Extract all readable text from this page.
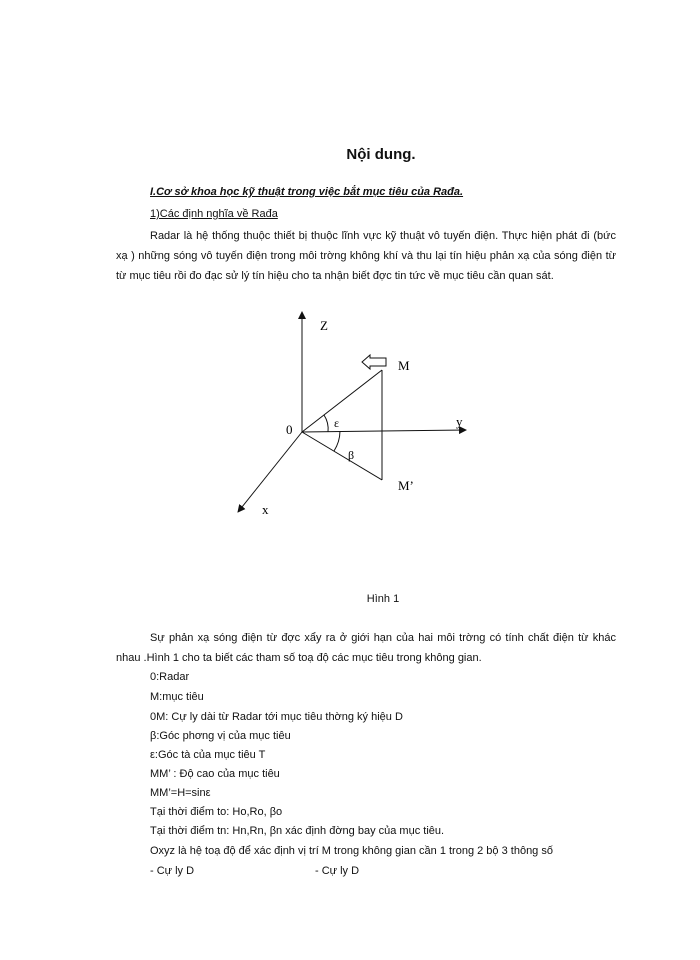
Nội dung.
I.Cơ sở khoa học kỹ thuật trong việc bắt mục tiêu của Rađa.
1)Các định nghĩa về Rađa
Radar là hệ thống thuộc thiết bị thuộc lĩnh vực kỹ thuật vô tuyến điện. Thực hiện phát đi (bức xạ ) những sóng vô tuyến điện trong môi trờng không khí và thu lại tín hiệu phản xạ của sóng điện từ từ mục tiêu rồi đo đạc sử lý tín hiệu cho ta nhận biết đợc tin tức về mục tiêu cần quan sát.
Z
M
0
y
x
M’
ε
β
Hình 1
Sự phản xạ sóng điện từ đợc xẩy ra ở giới hạn của hai môi trờng có tính chất điện từ khác nhau .Hình 1 cho ta biết các tham số toạ độ các mục tiêu trong không gian.
0:Radar
M:mục tiêu
0M: Cự ly dài từ Radar tới mục tiêu thờng ký hiệu D
β:Góc phơng vị của mục tiêu
ε:Góc tà của mục tiêu T
MM’ : Độ cao của mục tiêu
MM’=H=sinε
Tại thời điểm to: Ho,Ro, βo
Tại thời điểm tn: Hn,Rn, βn xác định đờng bay của mục tiêu.
Oxyz là hệ toạ độ để xác định vị trí M trong không gian cần 1 trong 2 bộ 3 thông số
- Cự ly D	- Cự ly D
